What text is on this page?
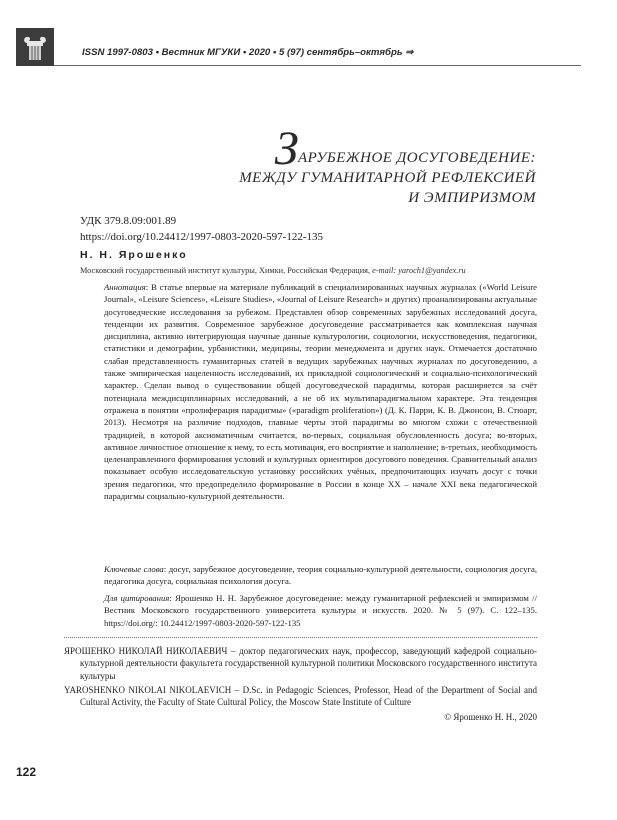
ISSN 1997-0803 • Вестник МГУКИ • 2020 • 5 (97) сентябрь–октябрь ⇒
ЗАРУБЕЖНОЕ ДОСУГОВЕДЕНИЕ:
МЕЖДУ ГУМАНИТАРНОЙ РЕФЛЕКСИЕЙ
И ЭМПИРИЗМОМ
УДК 379.8.09:001.89
https://doi.org/10.24412/1997-0803-2020-597-122-135
Н. Н. Ярошенко
Московский государственный институт культуры, Химки, Российская Федерация, e-mail: yaroch1@yandex.ru

Аннотация: В статье впервые на материале публикаций в специализированных научных журналах («World Leisure Journal», «Leisure Sciences», «Leisure Studies», «Journal of Leisure Research» и других) проанализированы актуальные досуговедческие исследования за рубежом. Представлен обзор современных зарубежных исследований досуга, тенденции их развития. Современное зарубежное досуговедение рассматривается как комплексная научная дисциплина, активно интегрирующая научные данные культурологии, социологии, искусствоведения, педагогики, статистики и демографии, урбанистики, медицины, теории менеджмента и других наук. Отмечается достаточно слабая представленность гуманитарных статей в ведущих зарубежных научных журналах по досуговедению, а также эмпирическая нацеленность исследований, их прикладной социологический и социально-психологический характер. Сделан вывод о существовании общей досуговедческой парадигмы, которая расширяется за счёт потенциала междисциплинарных исследований, а не об их мультипарадигмальном характере. Эта тенденция отражена в понятии «пролиферация парадигмы» («paradigm proliferation») (Д. К. Парри, К. В. Джонсон, В. Стюарт, 2013). Несмотря на различие подходов, главные черты этой парадигмы во многом схожи с отечественной традицией, в которой аксиоматичным считается, во-первых, социальная обусловленность досуга; во-вторых, активное личностное отношение к нему, то есть мотивация, его восприятие и наполнение; в-третьих, необходимость целенаправленного формирования условий и культурных ориентиров досугового поведения. Сравнительный анализ показывает особую исследовательскую установку российских учёных, предпочитающих изучать досуг с точки зрения педагогики, что предопределило формирование в России в конце XX – начале XXI века педагогической парадигмы социально-культурной деятельности.

Ключевые слова: досуг, зарубежное досуговедение, теория социально-культурной деятельности, социология досуга, педагогика досуга, социальная психология досуга.
Для цитирования: Ярошенко Н. Н. Зарубежное досуговедение: между гуманитарной рефлексией и эмпиризмом // Вестник Московского государственного университета культуры и искусств. 2020. № 5 (97). С. 122–135. https://doi.org/: 10.24412/1997-0803-2020-597-122-135
ЯРОШЕНКО НИКОЛАЙ НИКОЛАЕВИЧ – доктор педагогических наук, профессор, заведующий кафедрой социально-культурной деятельности факультета государственной культурной политики Московского государственного института культуры
YAROSHENKO NIKOLAI NIKOLAEVICH – D.Sc. in Pedagogic Sciences, Professor, Head of the Department of Social and Cultural Activity, the Faculty of State Cultural Policy, the Moscow State Institute of Culture
© Ярошенко Н. Н., 2020
122
